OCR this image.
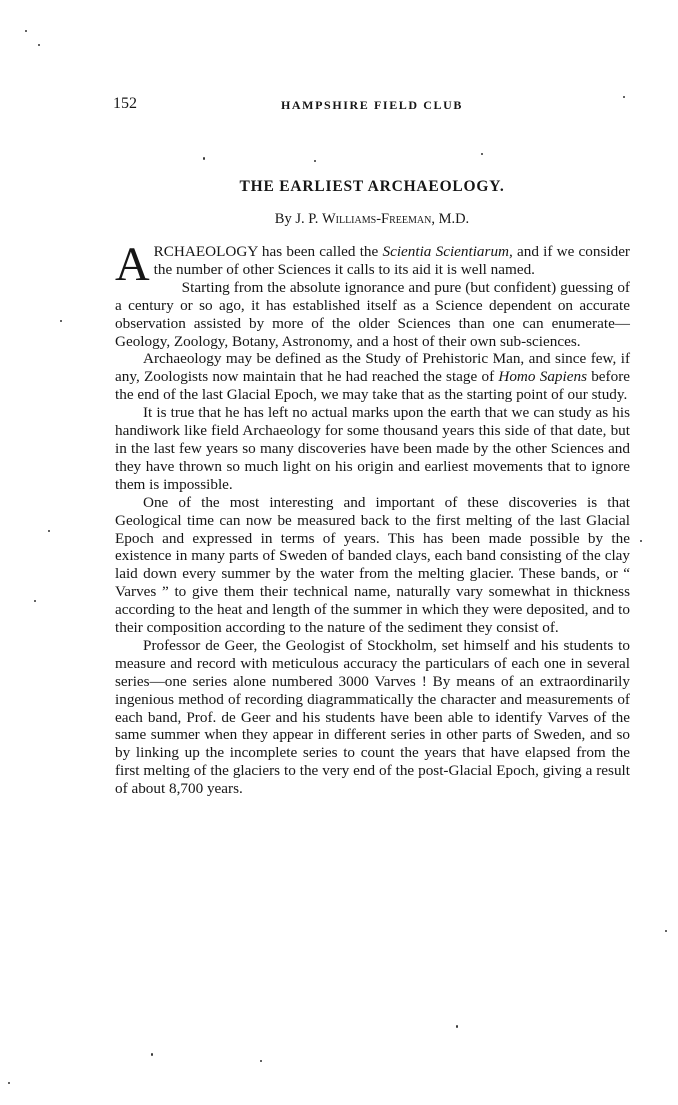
152	HAMPSHIRE FIELD CLUB
THE EARLIEST ARCHAEOLOGY.
By J. P. Williams-Freeman, M.D.

ARCHAEOLOGY has been called the Scientia Scientiarum, and if we consider the number of other Sciences it calls to its aid it is well named.

Starting from the absolute ignorance and pure (but confident) guessing of a century or so ago, it has established itself as a Science dependent on accurate observation assisted by more of the older Sciences than one can enumerate—Geology, Zoology, Botany, Astronomy, and a host of their own sub-sciences.

Archaeology may be defined as the Study of Prehistoric Man, and since few, if any, Zoologists now maintain that he had reached the stage of Homo Sapiens before the end of the last Glacial Epoch, we may take that as the starting point of our study.

It is true that he has left no actual marks upon the earth that we can study as his handiwork like field Archaeology for some thousand years this side of that date, but in the last few years so many discoveries have been made by the other Sciences and they have thrown so much light on his origin and earliest movements that to ignore them is impossible.

One of the most interesting and important of these discoveries is that Geological time can now be measured back to the first melting of the last Glacial Epoch and expressed in terms of years. This has been made possible by the existence in many parts of Sweden of banded clays, each band consisting of the clay laid down every summer by the water from the melting glacier. These bands, or “ Varves ” to give them their technical name, naturally vary somewhat in thickness according to the heat and length of the summer in which they were deposited, and to their composition according to the nature of the sediment they consist of.

Professor de Geer, the Geologist of Stockholm, set himself and his students to measure and record with meticulous accuracy the particulars of each one in several series—one series alone numbered 3000 Varves ! By means of an extraordinarily ingenious method of recording diagrammatically the character and measurements of each band, Prof. de Geer and his students have been able to identify Varves of the same summer when they appear in different series in other parts of Sweden, and so by linking up the incomplete series to count the years that have elapsed from the first melting of the glaciers to the very end of the post-Glacial Epoch, giving a result of about 8,700 years.
